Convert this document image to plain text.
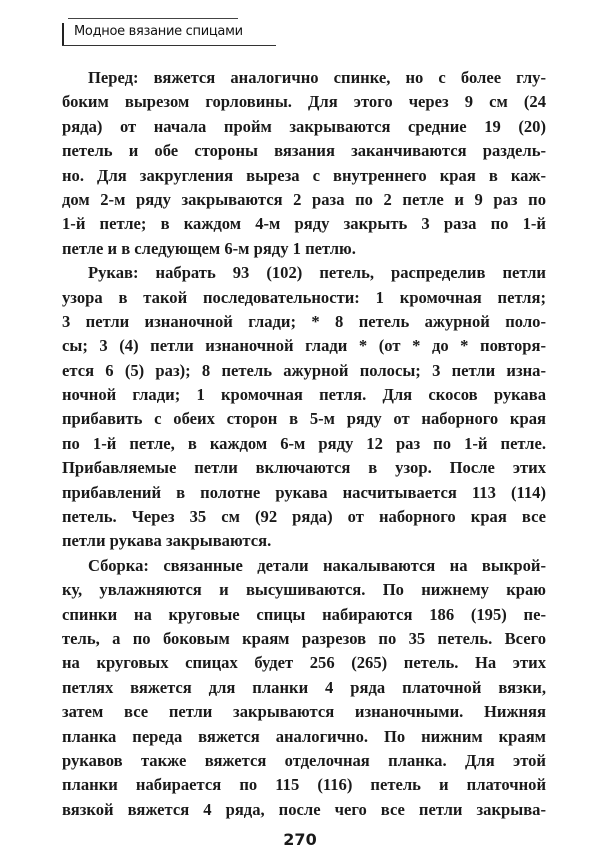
Модное вязание спицами
Перед: вяжется аналогично спинке, но с более глу-
боким вырезом горловины. Для этого через 9 см (24
ряда) от начала пройм закрываются средние 19 (20)
петель и обе стороны вязания заканчиваются раздель-
но. Для закругления выреза с внутреннего края в каж-
дом 2-м ряду закрываются 2 раза по 2 петле и 9 раз по
1-й петле; в каждом 4-м ряду закрыть 3 раза по 1-й
петле и в следующем 6-м ряду 1 петлю.
Рукав: набрать 93 (102) петель, распределив петли
узора в такой последовательности: 1 кромочная петля;
3 петли изнаночной глади; * 8 петель ажурной поло-
сы; 3 (4) петли изнаночной глади * (от * до * повторя-
ется 6 (5) раз); 8 петель ажурной полосы; 3 петли изна-
ночной глади; 1 кромочная петля. Для скосов рукава
прибавить с обеих сторон в 5-м ряду от наборного края
по 1-й петле, в каждом 6-м ряду 12 раз по 1-й петле.
Прибавляемые петли включаются в узор. После этих
прибавлений в полотне рукава насчитывается 113 (114)
петель. Через 35 см (92 ряда) от наборного края все
петли рукава закрываются.
Сборка: связанные детали накалываются на выкрой-
ку, увлажняются и высушиваются. По нижнему краю
спинки на круговые спицы набираются 186 (195) пе-
тель, а по боковым краям разрезов по 35 петель. Всего
на круговых спицах будет 256 (265) петель. На этих
петлях вяжется для планки 4 ряда платочной вязки,
затем все петли закрываются изнаночными. Нижняя
планка переда вяжется аналогично. По нижним краям
рукавов также вяжется отделочная планка. Для этой
планки набирается по 115 (116) петель и платочной
вязкой вяжется 4 ряда, после чего все петли закрыва-
270
